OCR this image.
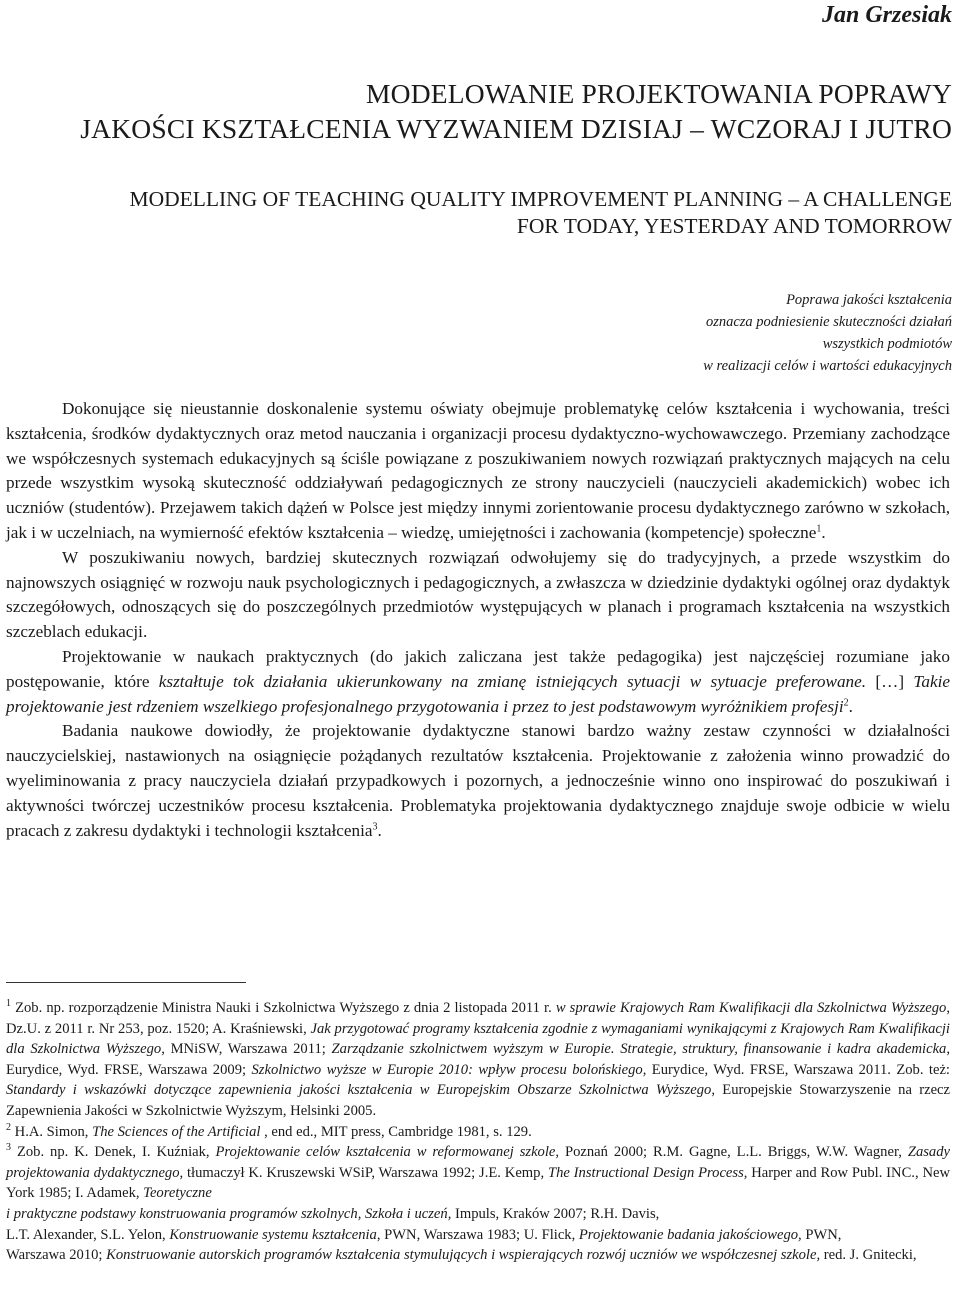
Jan Grzesiak
MODELOWANIE PROJEKTOWANIA POPRAWY
JAKOŚCI KSZTAŁCENIA WYZWANIEM DZISIAJ – WCZORAJ I JUTRO
MODELLING OF TEACHING QUALITY IMPROVEMENT PLANNING – A CHALLENGE
FOR TODAY, YESTERDAY AND TOMORROW
Poprawa jakości kształcenia
oznacza podniesienie skuteczności działań
wszystkich podmiotów
w realizacji celów i wartości edukacyjnych

Dokonujące się nieustannie doskonalenie systemu oświaty obejmuje problematykę celów kształcenia i wychowania, treści kształcenia, środków dydaktycznych oraz metod nauczania i organizacji procesu dydaktyczno-wychowawczego. Przemiany zachodzące we współczesnych systemach edukacyjnych są ściśle powiązane z poszukiwaniem nowych rozwiązań praktycznych mających na celu przede wszystkim wysoką skuteczność oddziaływań pedagogicznych ze strony nauczycieli (nauczycieli akademickich) wobec ich uczniów (studentów). Przejawem takich dążeń w Polsce jest między innymi zorientowanie procesu dydaktycznego zarówno w szkołach, jak i w uczelniach, na wymierność efektów kształcenia – wiedzę, umiejętności i zachowania (kompetencje) społeczne$^1$.

W poszukiwaniu nowych, bardziej skutecznych rozwiązań odwołujemy się do tradycyjnych, a przede wszystkim do najnowszych osiągnięć w rozwoju nauk psychologicznych i pedagogicznych, a zwłaszcza w dziedzinie dydaktyki ogólnej oraz dydaktyk szczegółowych, odnoszących się do poszczególnych przedmiotów występujących w planach i programach kształcenia na wszystkich szczeblach edukacji.

Projektowanie w naukach praktycznych (do jakich zaliczana jest także pedagogika) jest najczęściej rozumiane jako postępowanie, które kształtuje tok działania ukierunkowany na zmianę istniejących sytuacji w sytuacje preferowane. […] Takie projektowanie jest rdzeniem wszelkiego profesjonalnego przygotowania i przez to jest podstawowym wyróżnikiem profesji$^2$.

Badania naukowe dowiodły, że projektowanie dydaktyczne stanowi bardzo ważny zestaw czynności w działalności nauczycielskiej, nastawionych na osiągnięcie pożądanych rezultatów kształcenia. Projektowanie z założenia winno prowadzić do wyeliminowania z pracy nauczyciela działań przypadkowych i pozornych, a jednocześnie winno ono inspirować do poszukiwań i aktywności twórczej uczestników procesu kształcenia. Problematyka projektowania dydaktycznego znajduje swoje odbicie w wielu pracach z zakresu dydaktyki i technologii kształcenia$^3$.

$^1$ Zob. np. rozporządzenie Ministra Nauki i Szkolnictwa Wyższego z dnia 2 listopada 2011 r. w sprawie Krajowych Ram Kwalifikacji dla Szkolnictwa Wyższego, Dz.U. z 2011 r. Nr 253, poz. 1520; A. Kraśniewski, Jak przygotować programy kształcenia zgodnie z wymaganiami wynikającymi z Krajowych Ram Kwalifikacji dla Szkolnictwa Wyższego, MNiSW, Warszawa 2011; Zarządzanie szkolnictwem wyższym w Europie. Strategie, struktury, finansowanie i kadra akademicka, Eurydice, Wyd. FRSE, Warszawa 2009; Szkolnictwo wyższe w Europie 2010: wpływ procesu bolońskiego, Eurydice, Wyd. FRSE, Warszawa 2011. Zob. też: Standardy i wskazówki dotyczące zapewnienia jakości kształcenia w Europejskim Obszarze Szkolnictwa Wyższego, Europejskie Stowarzyszenie na rzecz Zapewnienia Jakości w Szkolnictwie Wyższym, Helsinki 2005.

$^2$ H.A. Simon, The Sciences of the Artificial , end ed., MIT press, Cambridge 1981, s. 129.

$^3$ Zob. np. K. Denek, I. Kuźniak, Projektowanie celów kształcenia w reformowanej szkole, Poznań 2000; R.M. Gagne, L.L. Briggs, W.W. Wagner, Zasady projektowania dydaktycznego, tłumaczył K. Kruszewski WSiP, Warszawa 1992; J.E. Kemp, The Instructional Design Process, Harper and Row Publ. INC., New York 1985; I. Adamek, Teoretyczne
i praktyczne podstawy konstruowania programów szkolnych, Szkoła i uczeń, Impuls, Kraków 2007; R.H. Davis,
L.T. Alexander, S.L. Yelon, Konstruowanie systemu kształcenia, PWN, Warszawa 1983; U. Flick, Projektowanie badania jakościowego, PWN,
Warszawa 2010; Konstruowanie autorskich programów kształcenia stymulujących i wspierających rozwój uczniów we współczesnej szkole, red. J. Gnitecki,
